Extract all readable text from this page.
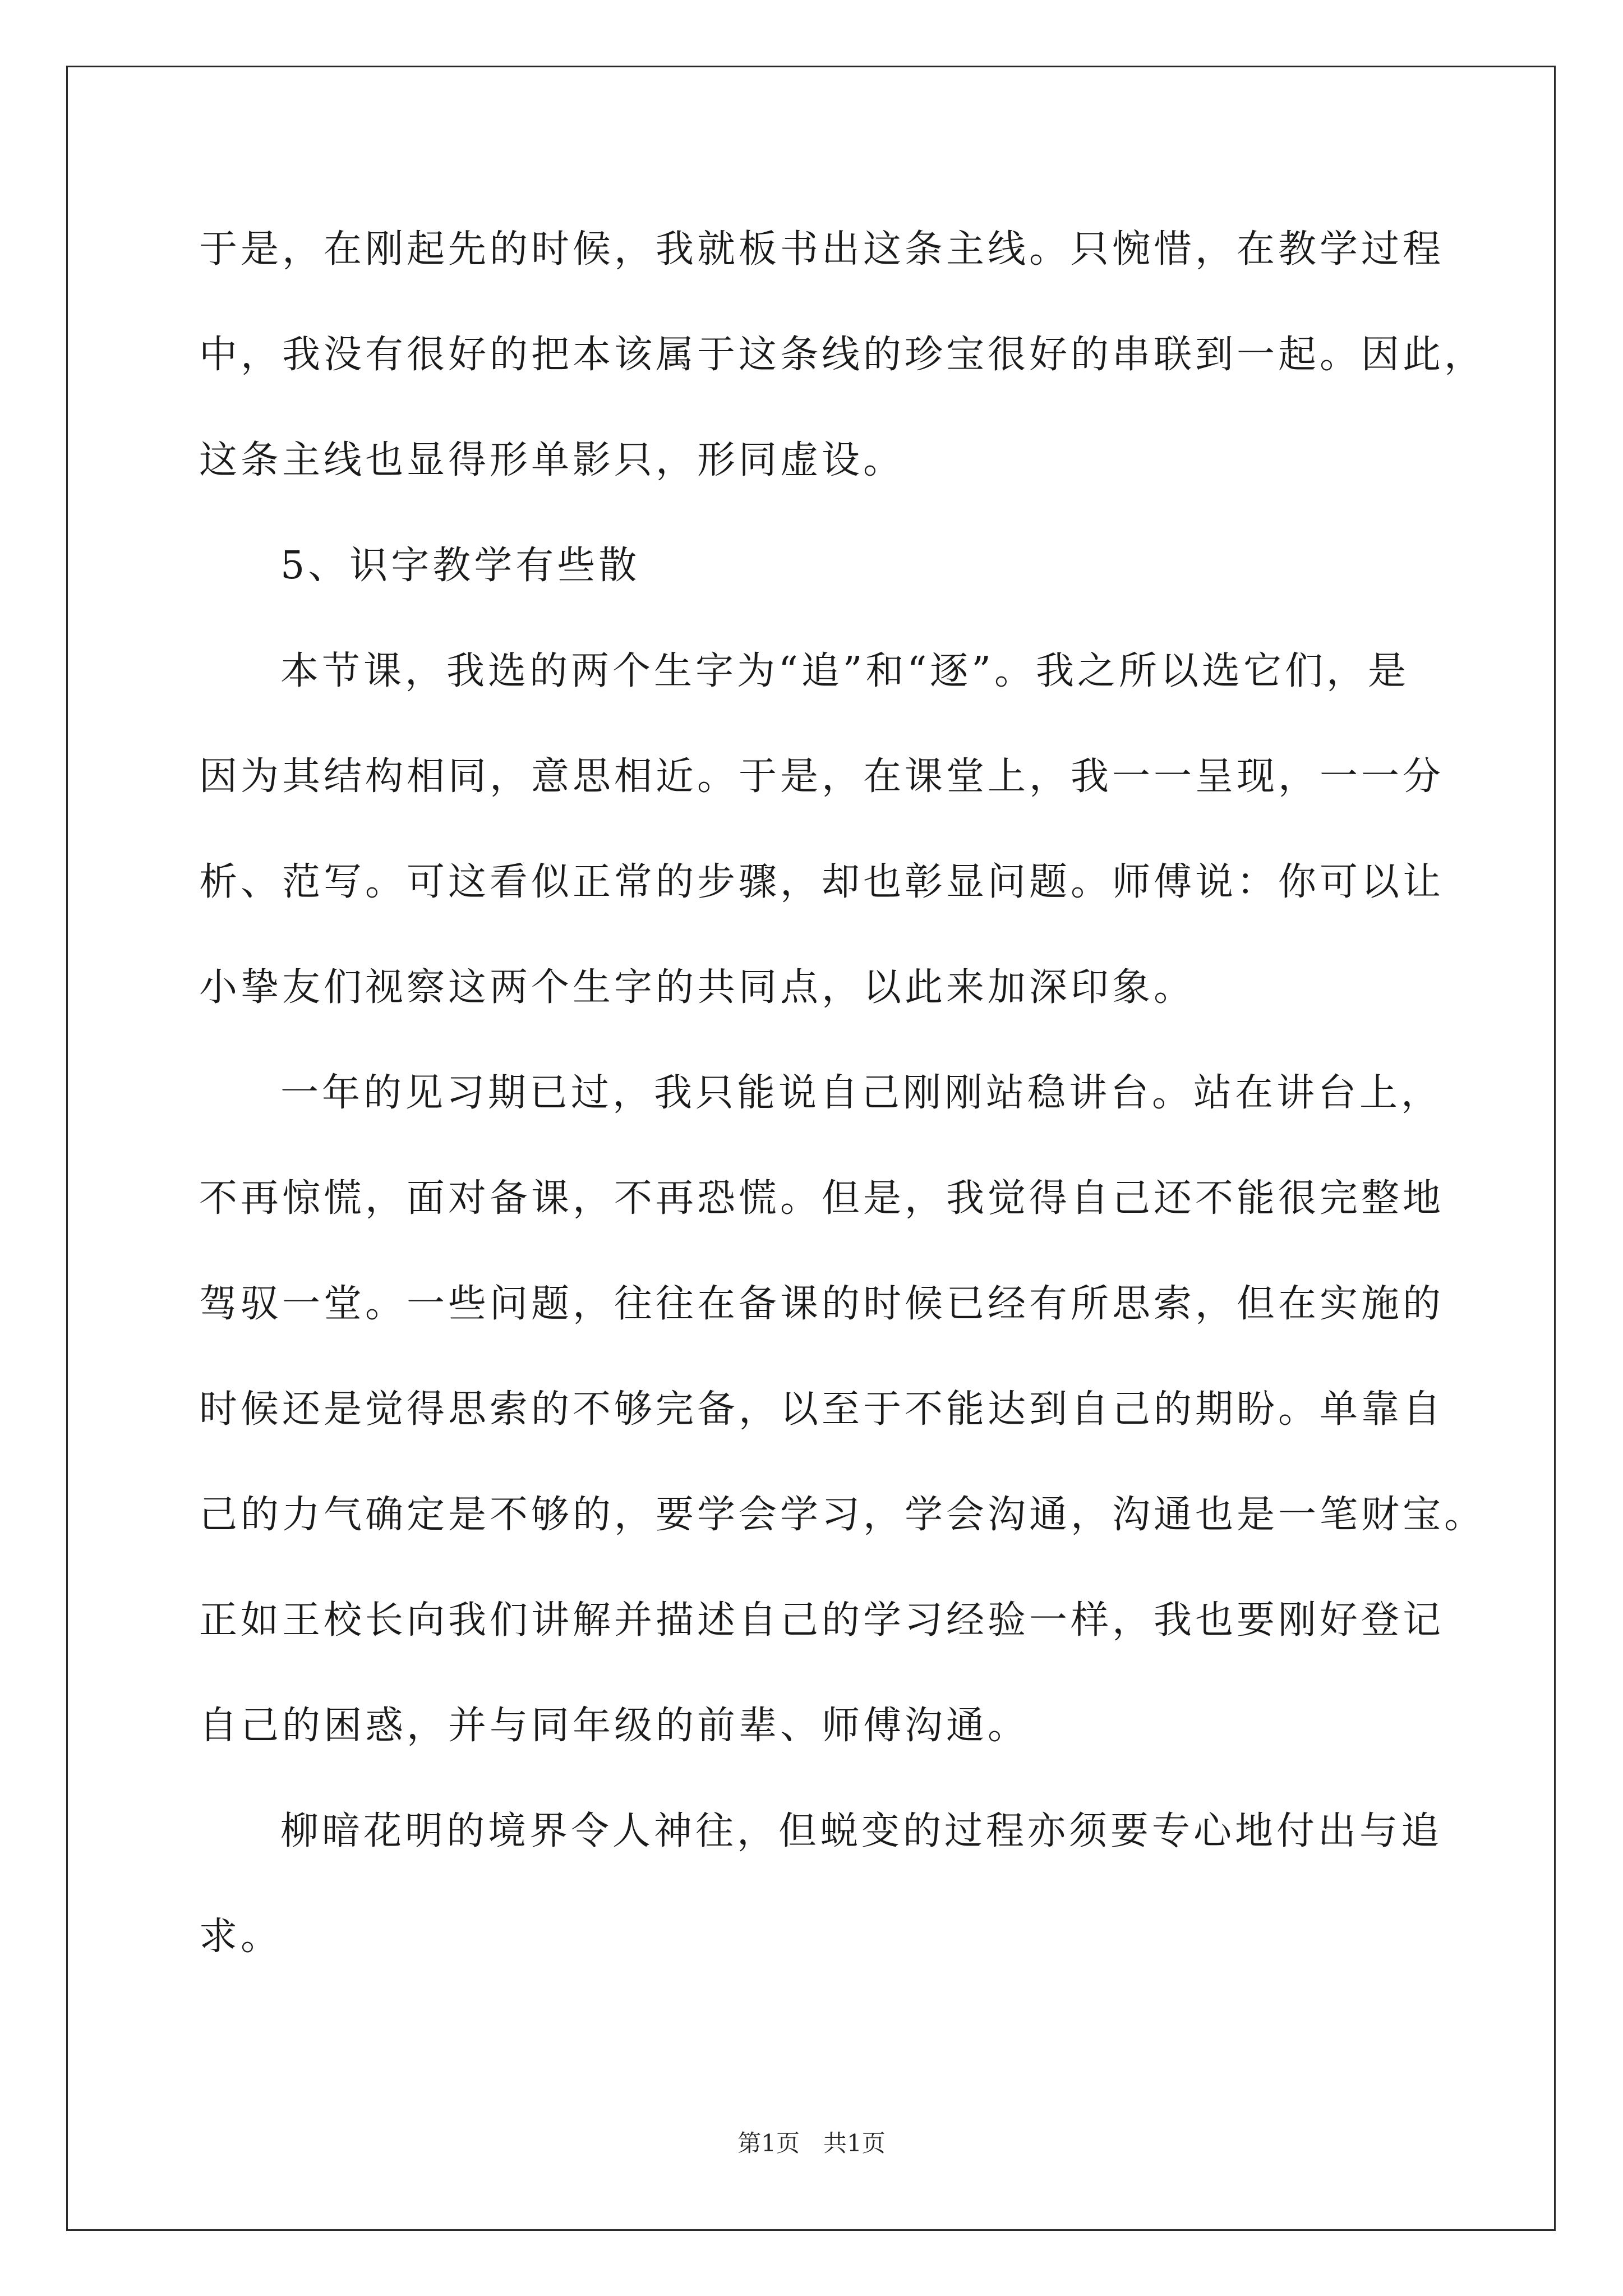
于是，在刚起先的时候，我就板书出这条主线。只惋惜，在教学过程
中，我没有很好的把本该属于这条线的珍宝很好的串联到一起。因此，
这条主线也显得形单影只，形同虚设。
5、识字教学有些散
本节课，我选的两个生字为“追”和“逐”。我之所以选它们，是
因为其结构相同，意思相近。于是，在课堂上，我一一呈现，一一分
析、范写。可这看似正常的步骤，却也彰显问题。师傅说：你可以让
小挚友们视察这两个生字的共同点，以此来加深印象。
一年的见习期已过，我只能说自己刚刚站稳讲台。站在讲台上，
不再惊慌，面对备课，不再恐慌。但是，我觉得自己还不能很完整地
驾驭一堂。一些问题，往往在备课的时候已经有所思索，但在实施的
时候还是觉得思索的不够完备，以至于不能达到自己的期盼。单靠自
己的力气确定是不够的，要学会学习，学会沟通，沟通也是一笔财宝。
正如王校长向我们讲解并描述自己的学习经验一样，我也要刚好登记
自己的困惑，并与同年级的前辈、师傅沟通。
柳暗花明的境界令人神往，但蜕变的过程亦须要专心地付出与追
求。
第1页　共1页
